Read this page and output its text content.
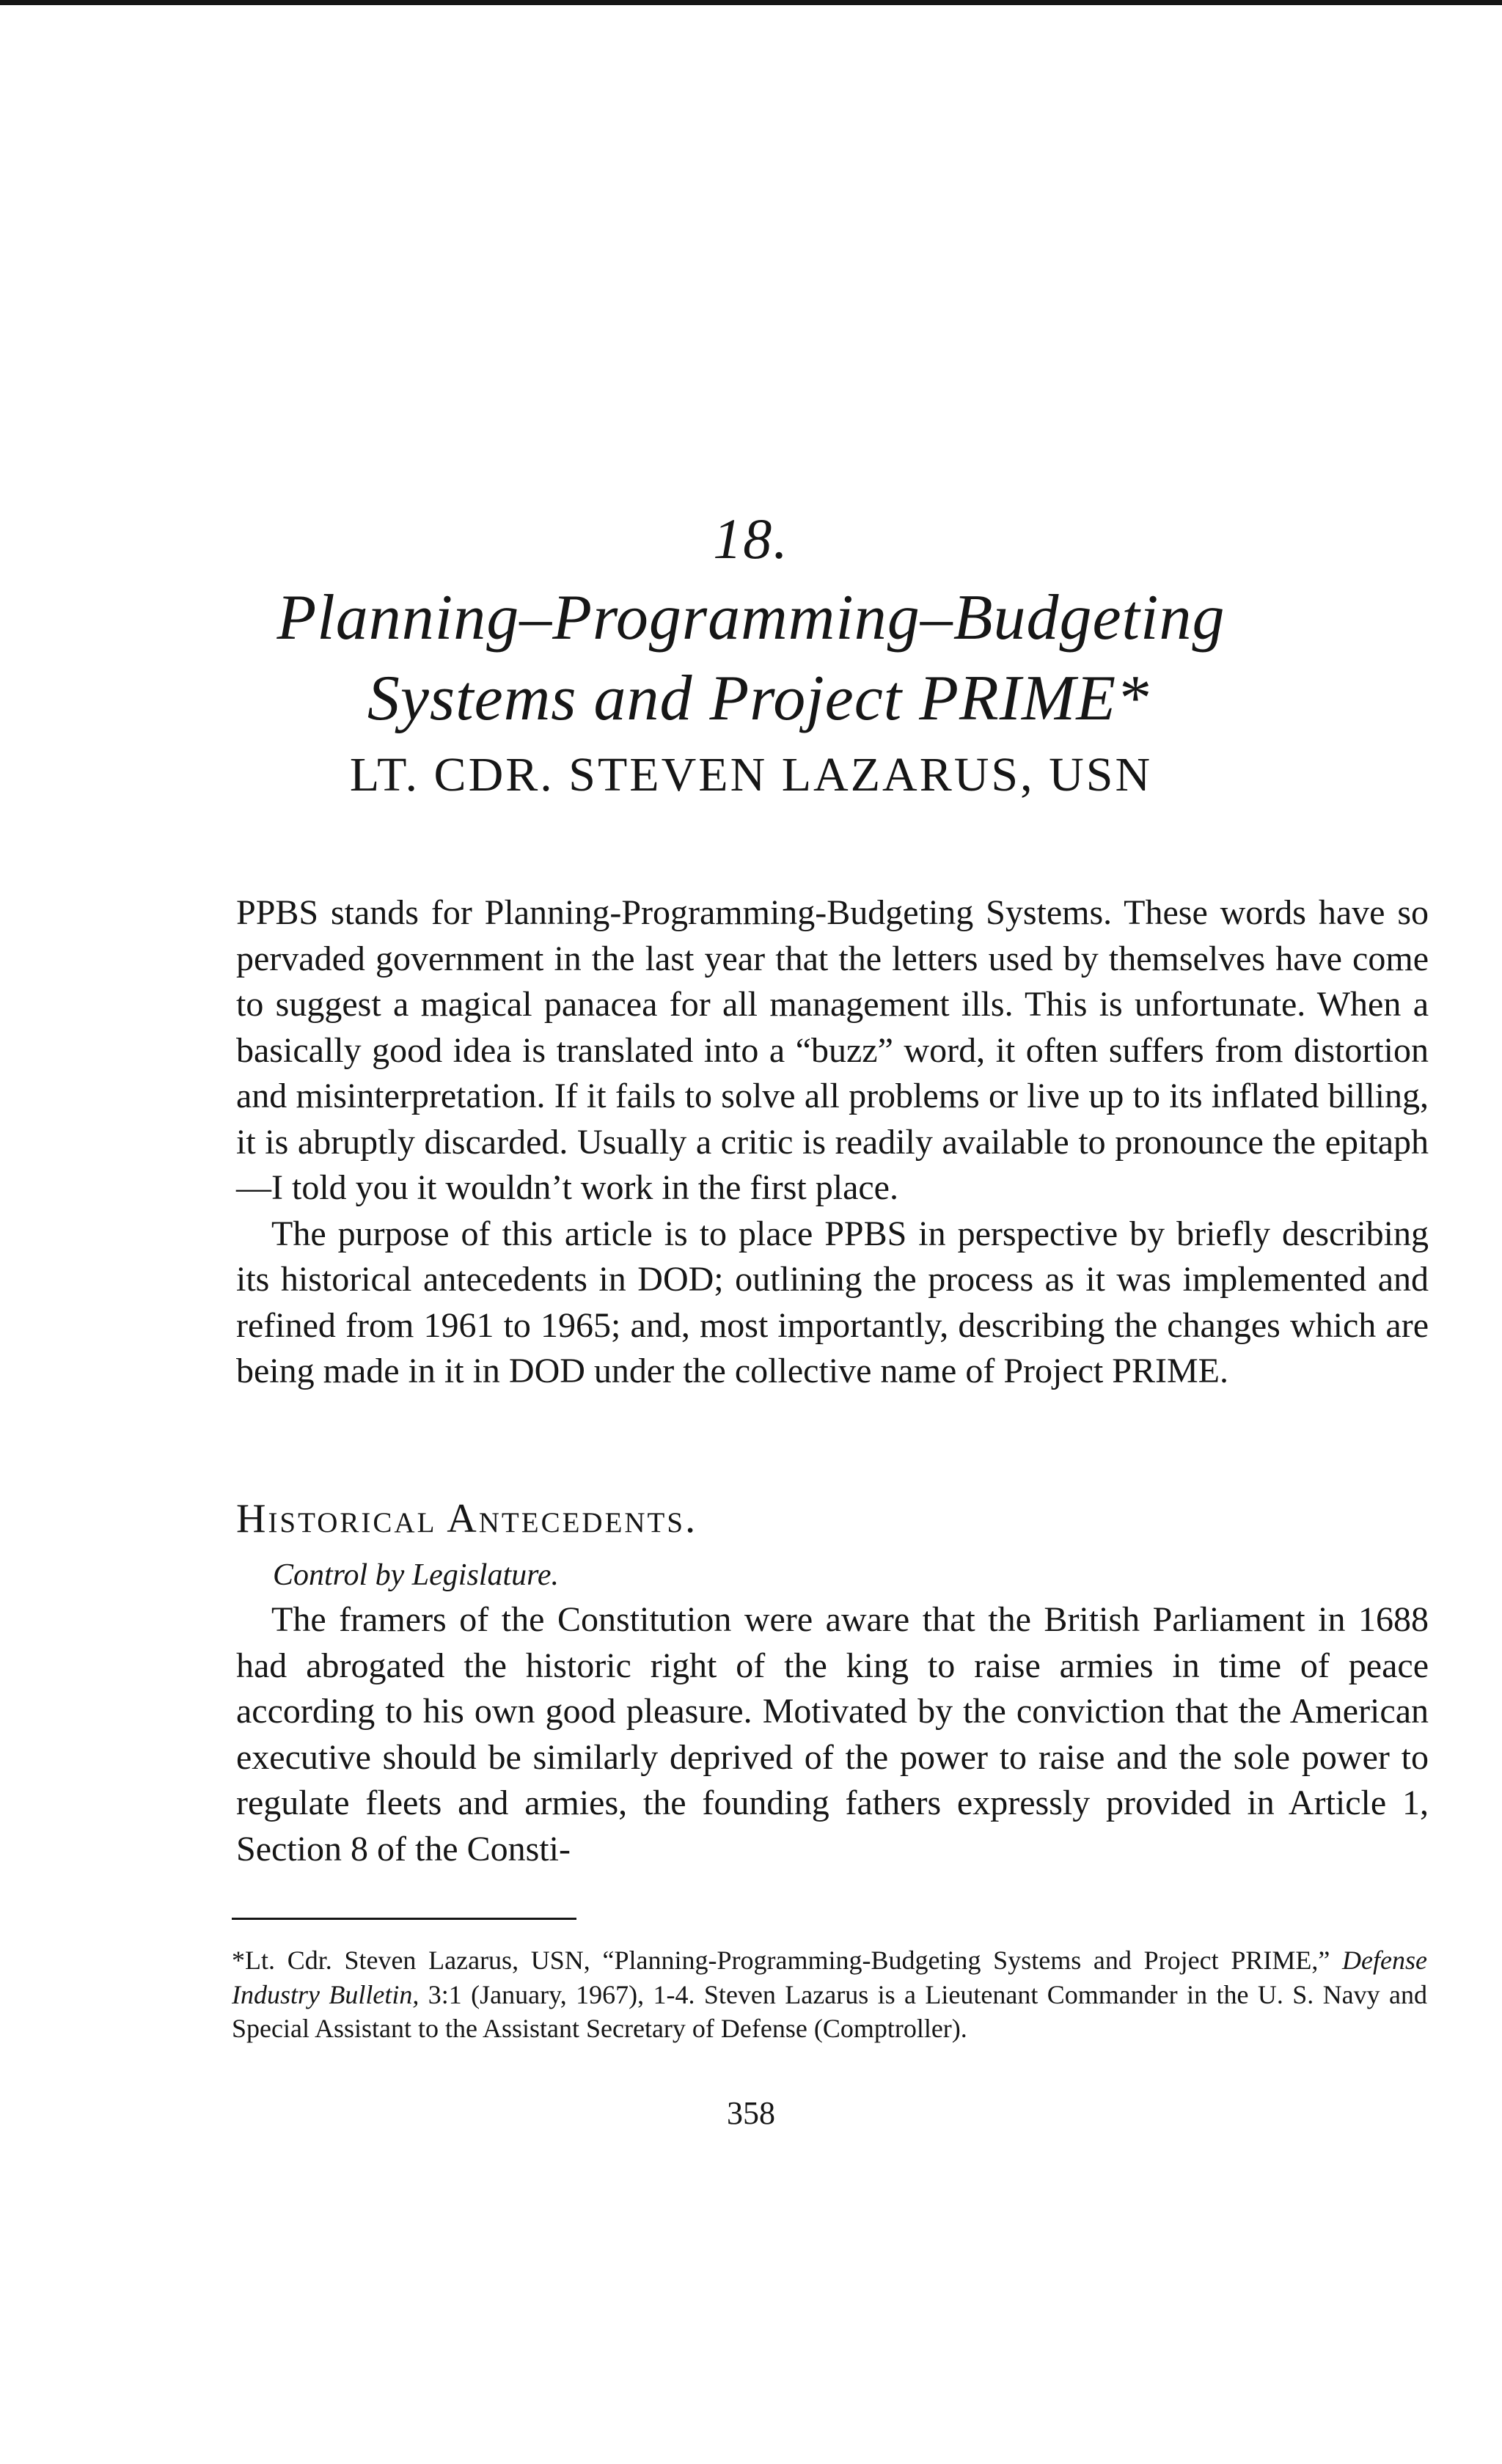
18.
Planning–Programming–Budgeting
Systems and Project PRIME*
LT. CDR. STEVEN LAZARUS, USN

PPBS stands for Planning-Programming-Budgeting Systems. These words have so pervaded government in the last year that the letters used by themselves have come to suggest a magical panacea for all management ills. This is unfortunate. When a basically good idea is translated into a “buzz” word, it often suffers from distortion and misinterpretation. If it fails to solve all problems or live up to its inflated billing, it is abruptly discarded. Usually a critic is readily available to pronounce the epitaph—I told you it wouldn’t work in the first place.

The purpose of this article is to place PPBS in perspective by briefly describing its historical antecedents in DOD; outlining the process as it was implemented and refined from 1961 to 1965; and, most importantly, describing the changes which are being made in it in DOD under the collective name of Project PRIME.

Historical Antecedents.
Control by Legislature.

The framers of the Constitution were aware that the British Parliament in 1688 had abrogated the historic right of the king to raise armies in time of peace according to his own good pleasure. Motivated by the conviction that the American executive should be similarly deprived of the power to raise and the sole power to regulate fleets and armies, the founding fathers expressly provided in Article 1, Section 8 of the Consti-

*Lt. Cdr. Steven Lazarus, USN, “Planning-Programming-Budgeting Systems and Project PRIME,” Defense Industry Bulletin, 3:1 (January, 1967), 1-4. Steven Lazarus is a Lieutenant Commander in the U. S. Navy and Special Assistant to the Assistant Secretary of Defense (Comptroller).
358
